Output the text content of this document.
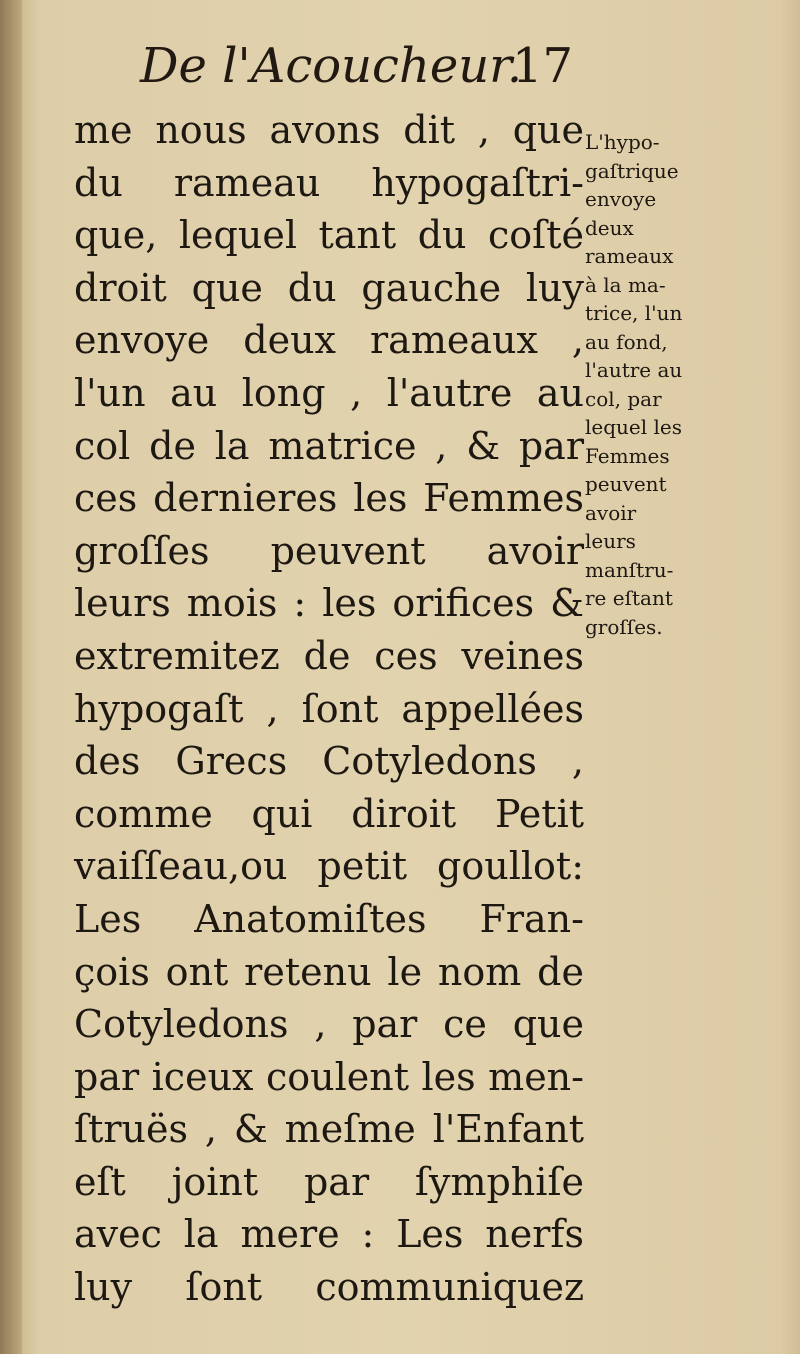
De l'Acoucheur.
17
me nous avons dit , que
du rameau hypogaſtri-
que, lequel tant du coſté
droit que du gauche luy
envoye deux rameaux ,
l'un au long , l'autre au
col de la matrice , & par
ces dernieres les Femmes
groſſes peuvent avoir
leurs mois : les orifices &
extremitez de ces veines
hypogaſt , ſont appellées
des Grecs Cotyledons ,
comme qui diroit Petit
vaiſſeau,ou petit goullot:
Les Anatomiſtes Fran-
çois ont retenu le nom de
Cotyledons , par ce que
par iceux coulent les men-
ſtruës , & meſme l'Enfant
eſt joint par ſymphiſe
avec la mere : Les nerfs
luy ſont communiquez
L'hypo-
gaſtrique
envoye
deux
rameaux
à la ma-
trice, l'un
au fond,
l'autre au
col, par
lequel les
Femmes
peuvent
avoir
leurs
manſtru-
re eſtant
groſſes.
